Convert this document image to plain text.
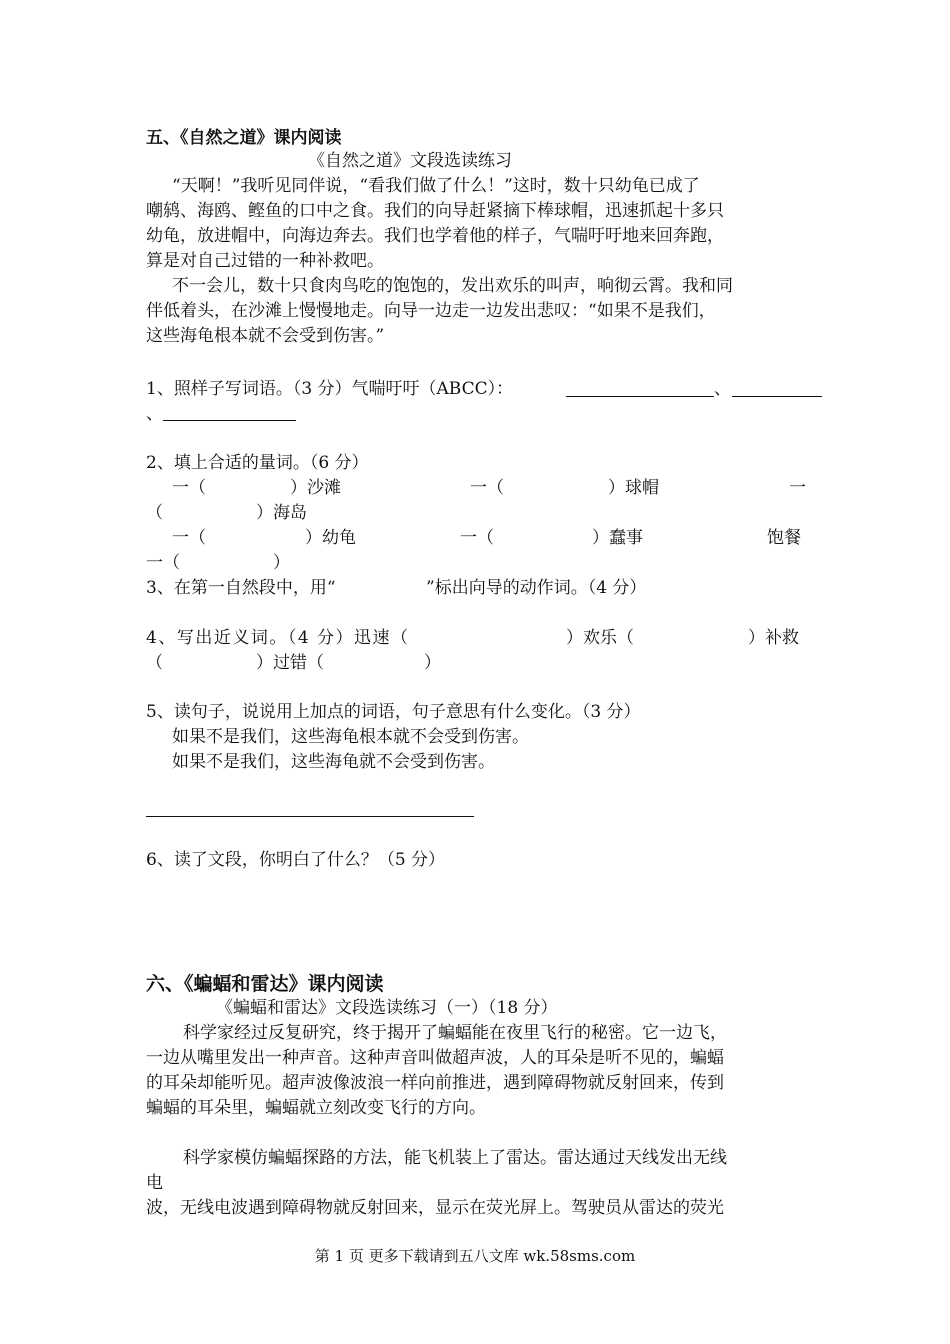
五、《自然之道》课内阅读
《自然之道》文段选读练习
“天啊！”我听见同伴说，“看我们做了什么！”这时，数十只幼龟已成了
嘲鸫、海鸥、鲣鱼的口中之食。我们的向导赶紧摘下棒球帽，迅速抓起十多只
幼龟，放进帽中，向海边奔去。我们也学着他的样子，气喘吁吁地来回奔跑，
算是对自己过错的一种补救吧。
不一会儿，数十只食肉鸟吃的饱饱的，发出欢乐的叫声，响彻云霄。我和同
伴低着头，在沙滩上慢慢地走。向导一边走一边发出悲叹：“如果不是我们，
这些海龟根本就不会受到伤害。”
1、照样子写词语。（3 分）气喘吁吁（ABCC）：	、
、
2、填上合适的量词。（6 分）
一（	）沙滩	一（	）球帽	一
（	）海岛
一（	）幼龟	一（	）蠢事	饱餐
一（	）
3、在第一自然段中，用“	”标出向导的动作词。（4 分）
4、写出近义词。（4 分）迅速（	）欢乐（	）补救
（	）过错（	）
5、读句子，说说用上加点的词语，句子意思有什么变化。（3 分）
如果不是我们，这些海龟根本就不会受到伤害。
如果不是我们，这些海龟就不会受到伤害。
6、读了文段，你明白了什么？（5 分）
六、《蝙蝠和雷达》课内阅读
《蝙蝠和雷达》文段选读练习（一）（18 分）
科学家经过反复研究，终于揭开了蝙蝠能在夜里飞行的秘密。它一边飞，
一边从嘴里发出一种声音。这种声音叫做超声波，人的耳朵是听不见的，蝙蝠
的耳朵却能听见。超声波像波浪一样向前推进，遇到障碍物就反射回来，传到
蝙蝠的耳朵里，蝙蝠就立刻改变飞行的方向。
科学家模仿蝙蝠探路的方法，能飞机装上了雷达。雷达通过天线发出无线
电
波，无线电波遇到障碍物就反射回来，显示在荧光屏上。驾驶员从雷达的荧光
第 1 页 更多下载请到五八文库 wk.58sms.com
